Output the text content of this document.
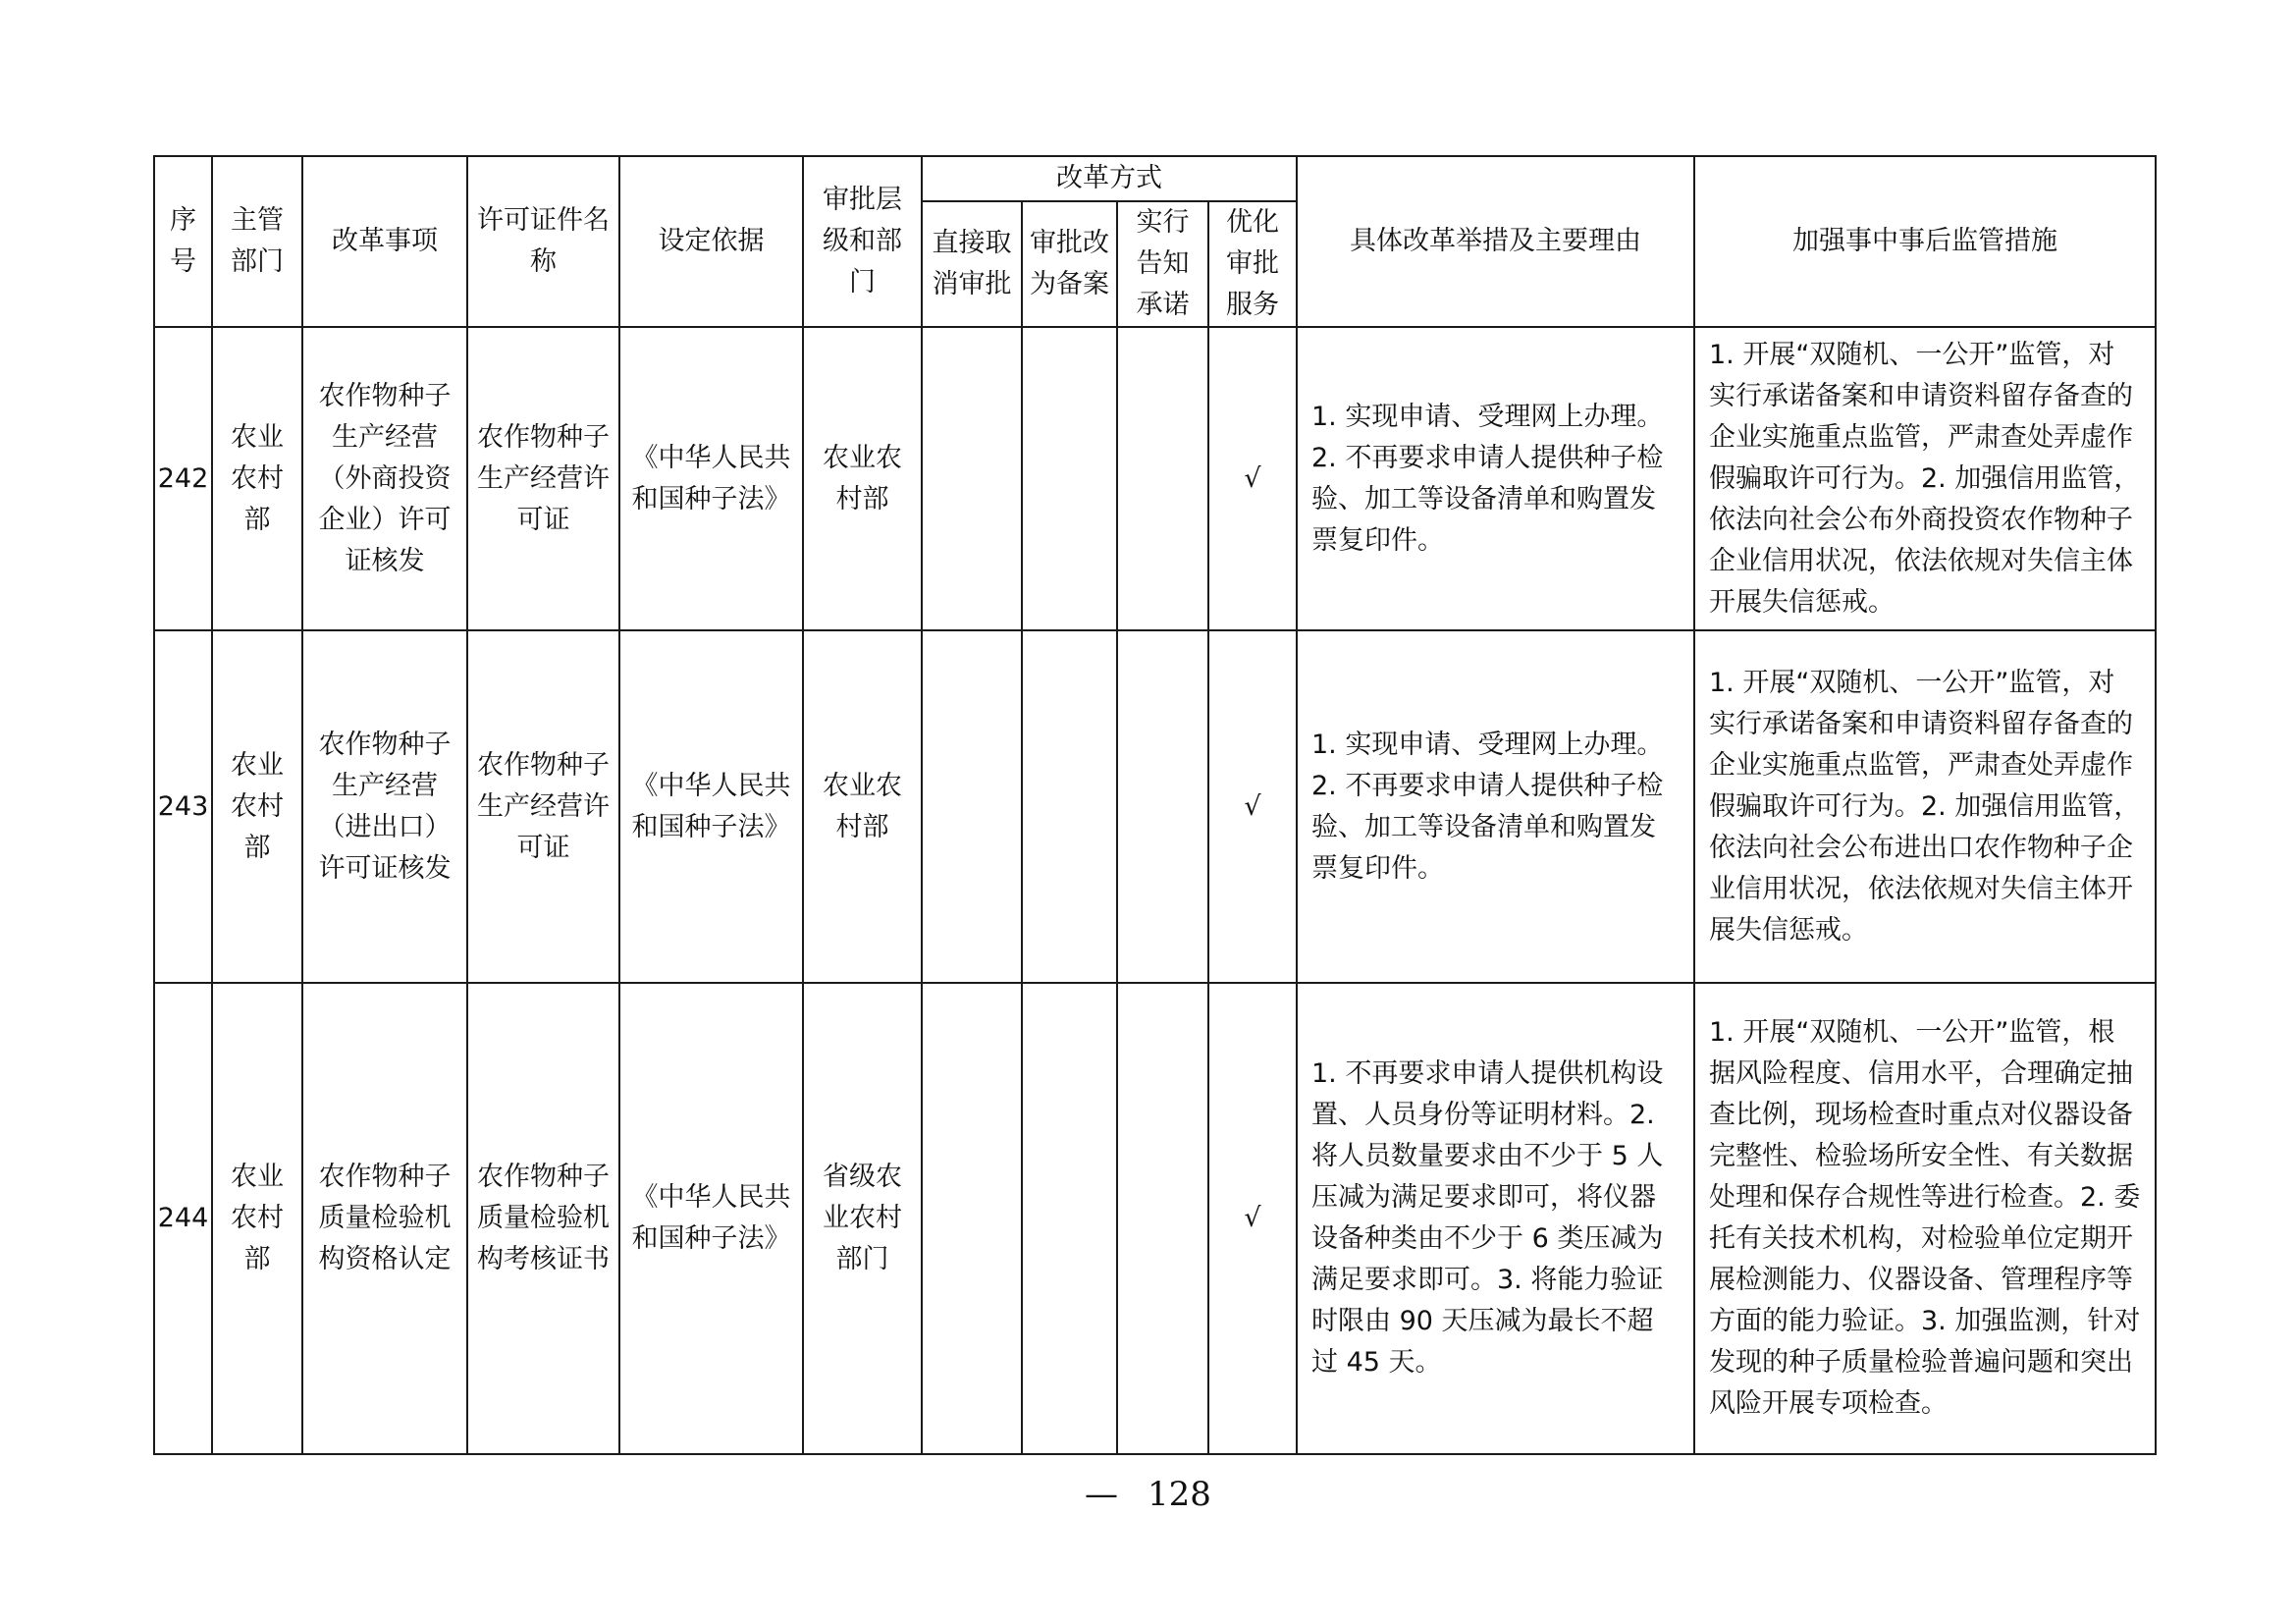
序号	主管部门	改革事项	许可证件名称	设定依据	审批层级和部门	改革方式				具体改革举措及主要理由	加强事中事后监管措施
						直接取消审批	审批改为备案	实行告知承诺	优化审批服务		
242	农业农村部	农作物种子生产经营（外商投资企业）许可证核发	农作物种子生产经营许可证	《中华人民共和国种子法》	农业农村部				√	1. 实现申请、受理网上办理。2. 不再要求申请人提供种子检验、加工等设备清单和购置发票复印件。	1. 开展“双随机、一公开”监管，对实行承诺备案和申请资料留存备查的企业实施重点监管，严肃查处弄虚作假骗取许可行为。2. 加强信用监管，依法向社会公布外商投资农作物种子企业信用状况，依法依规对失信主体开展失信惩戒。
243	农业农村部	农作物种子生产经营（进出口）许可证核发	农作物种子生产经营许可证	《中华人民共和国种子法》	农业农村部				√	1. 实现申请、受理网上办理。2. 不再要求申请人提供种子检验、加工等设备清单和购置发票复印件。	1. 开展“双随机、一公开”监管，对实行承诺备案和申请资料留存备查的企业实施重点监管，严肃查处弄虚作假骗取许可行为。2. 加强信用监管，依法向社会公布进出口农作物种子企业信用状况，依法依规对失信主体开展失信惩戒。
244	农业农村部	农作物种子质量检验机构资格认定	农作物种子质量检验机构考核证书	《中华人民共和国种子法》	省级农业农村部门				√	1. 不再要求申请人提供机构设置、人员身份等证明材料。2. 将人员数量要求由不少于 5 人压减为满足要求即可，将仪器设备种类由不少于 6 类压减为满足要求即可。3. 将能力验证时限由 90 天压减为最长不超过 45 天。	1. 开展“双随机、一公开”监管，根据风险程度、信用水平，合理确定抽查比例，现场检查时重点对仪器设备完整性、检验场所安全性、有关数据处理和保存合规性等进行检查。2. 委托有关技术机构，对检验单位定期开展检测能力、仪器设备、管理程序等方面的能力验证。3. 加强监测，针对发现的种子质量检验普遍问题和突出风险开展专项检查。
— 128
